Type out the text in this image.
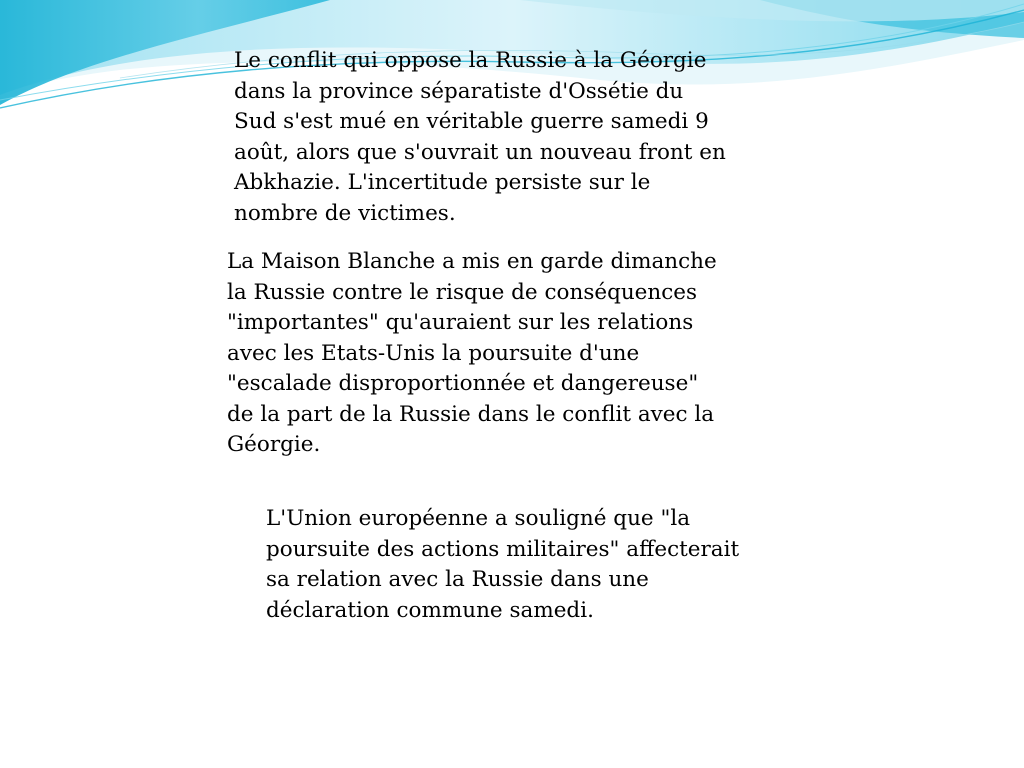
Le conflit qui oppose la Russie à la Géorgie
dans la province séparatiste d'Ossétie du
Sud s'est mué en véritable guerre samedi 9
août, alors que s'ouvrait un nouveau front en
Abkhazie. L'incertitude persiste sur le
nombre de victimes.

La Maison Blanche a mis en garde dimanche
la Russie contre le risque de conséquences
"importantes" qu'auraient sur les relations
avec les Etats-Unis la poursuite d'une
"escalade disproportionnée et dangereuse"
de la part de la Russie dans le conflit avec la
Géorgie.

L'Union européenne a souligné que "la
poursuite des actions militaires" affecterait
sa relation avec la Russie dans une
déclaration commune samedi.
